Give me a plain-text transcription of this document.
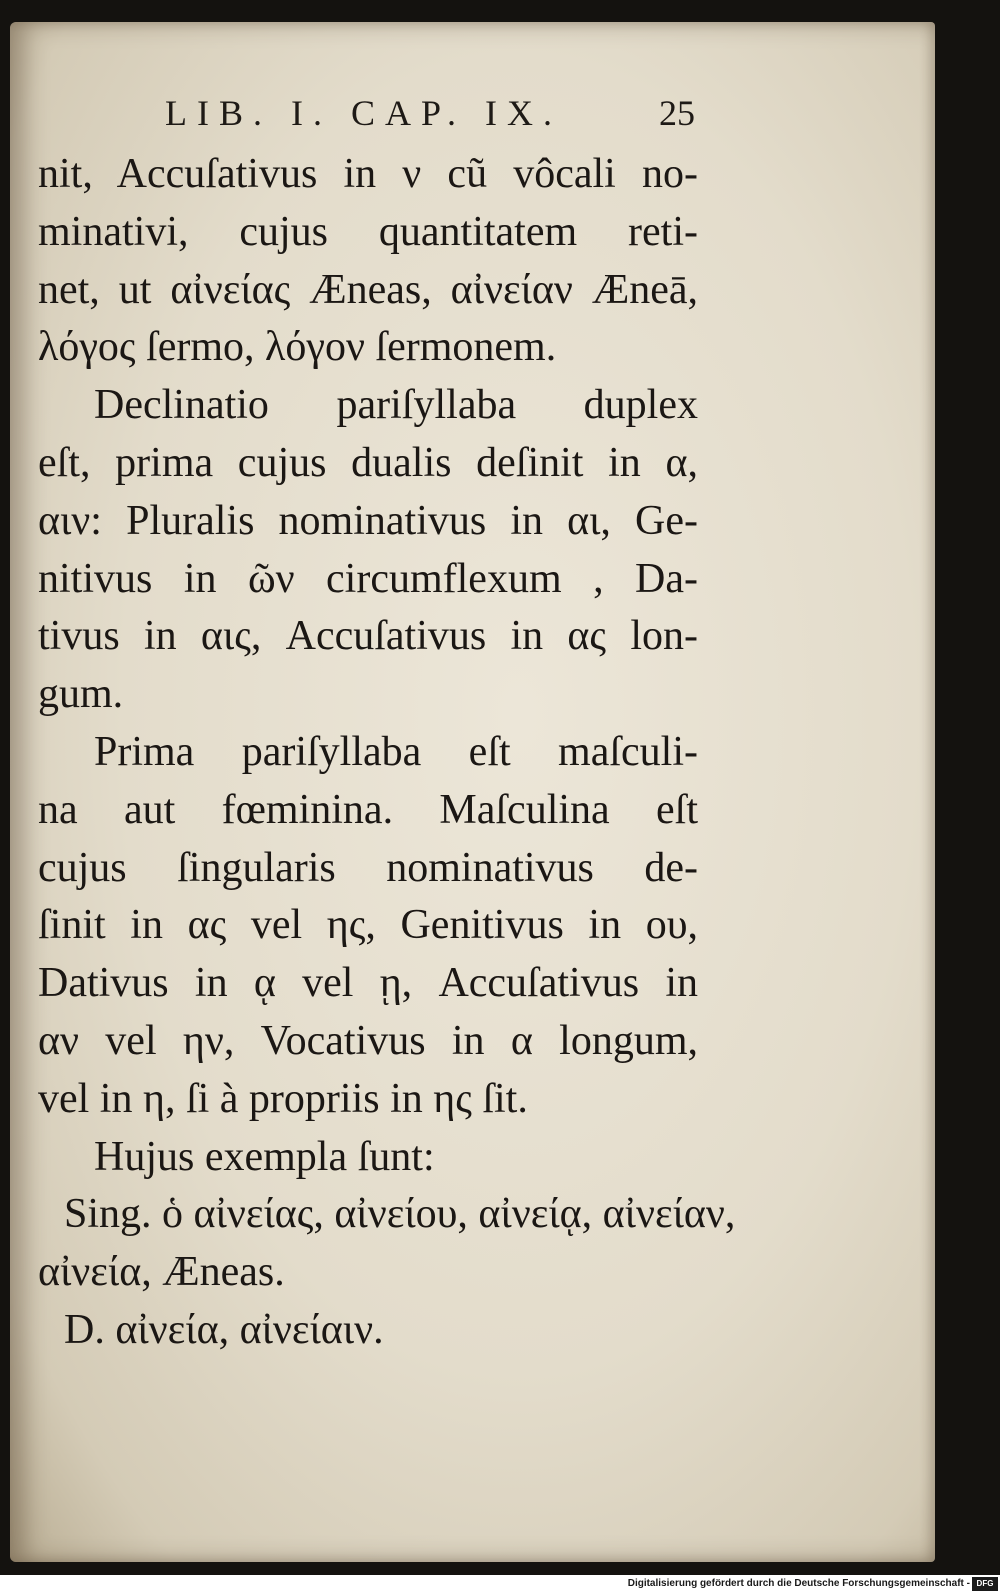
LIB. I. CAP. IX.	25
nit, Accuſativus in ν cũ vôcali no-
minativi, cujus quantitatem reti-
net, ut αἰνείας Æneas, αἰνείαν Æneā,
λόγος ſermo, λόγον ſermonem.
Declinatio pariſyllaba duplex
eſt, prima cujus dualis deſinit in α,
αιν: Pluralis nominativus in αι, Ge-
nitivus in ῶν circumflexum , Da-
tivus in αις, Accuſativus in ας lon-
gum.
Prima pariſyllaba eſt maſculi-
na aut fœminina. Maſculina eſt
cujus ſingularis nominativus de-
ſinit in ας vel ης, Genitivus in ου,
Dativus in ᾳ vel ῃ, Accuſativus in
αν vel ην, Vocativus in α longum,
vel in η, ſi à propriis in ης ſit.
Hujus exempla ſunt:
Sing. ὁ αἰνείας, αἰνείου, αἰνείᾳ, αἰνείαν,
αἰνεία, Æneas.
D. αἰνεία, αἰνείαιν.
Digitalisierung gefördert durch die Deutsche Forschungsgemeinschaft - DFG
